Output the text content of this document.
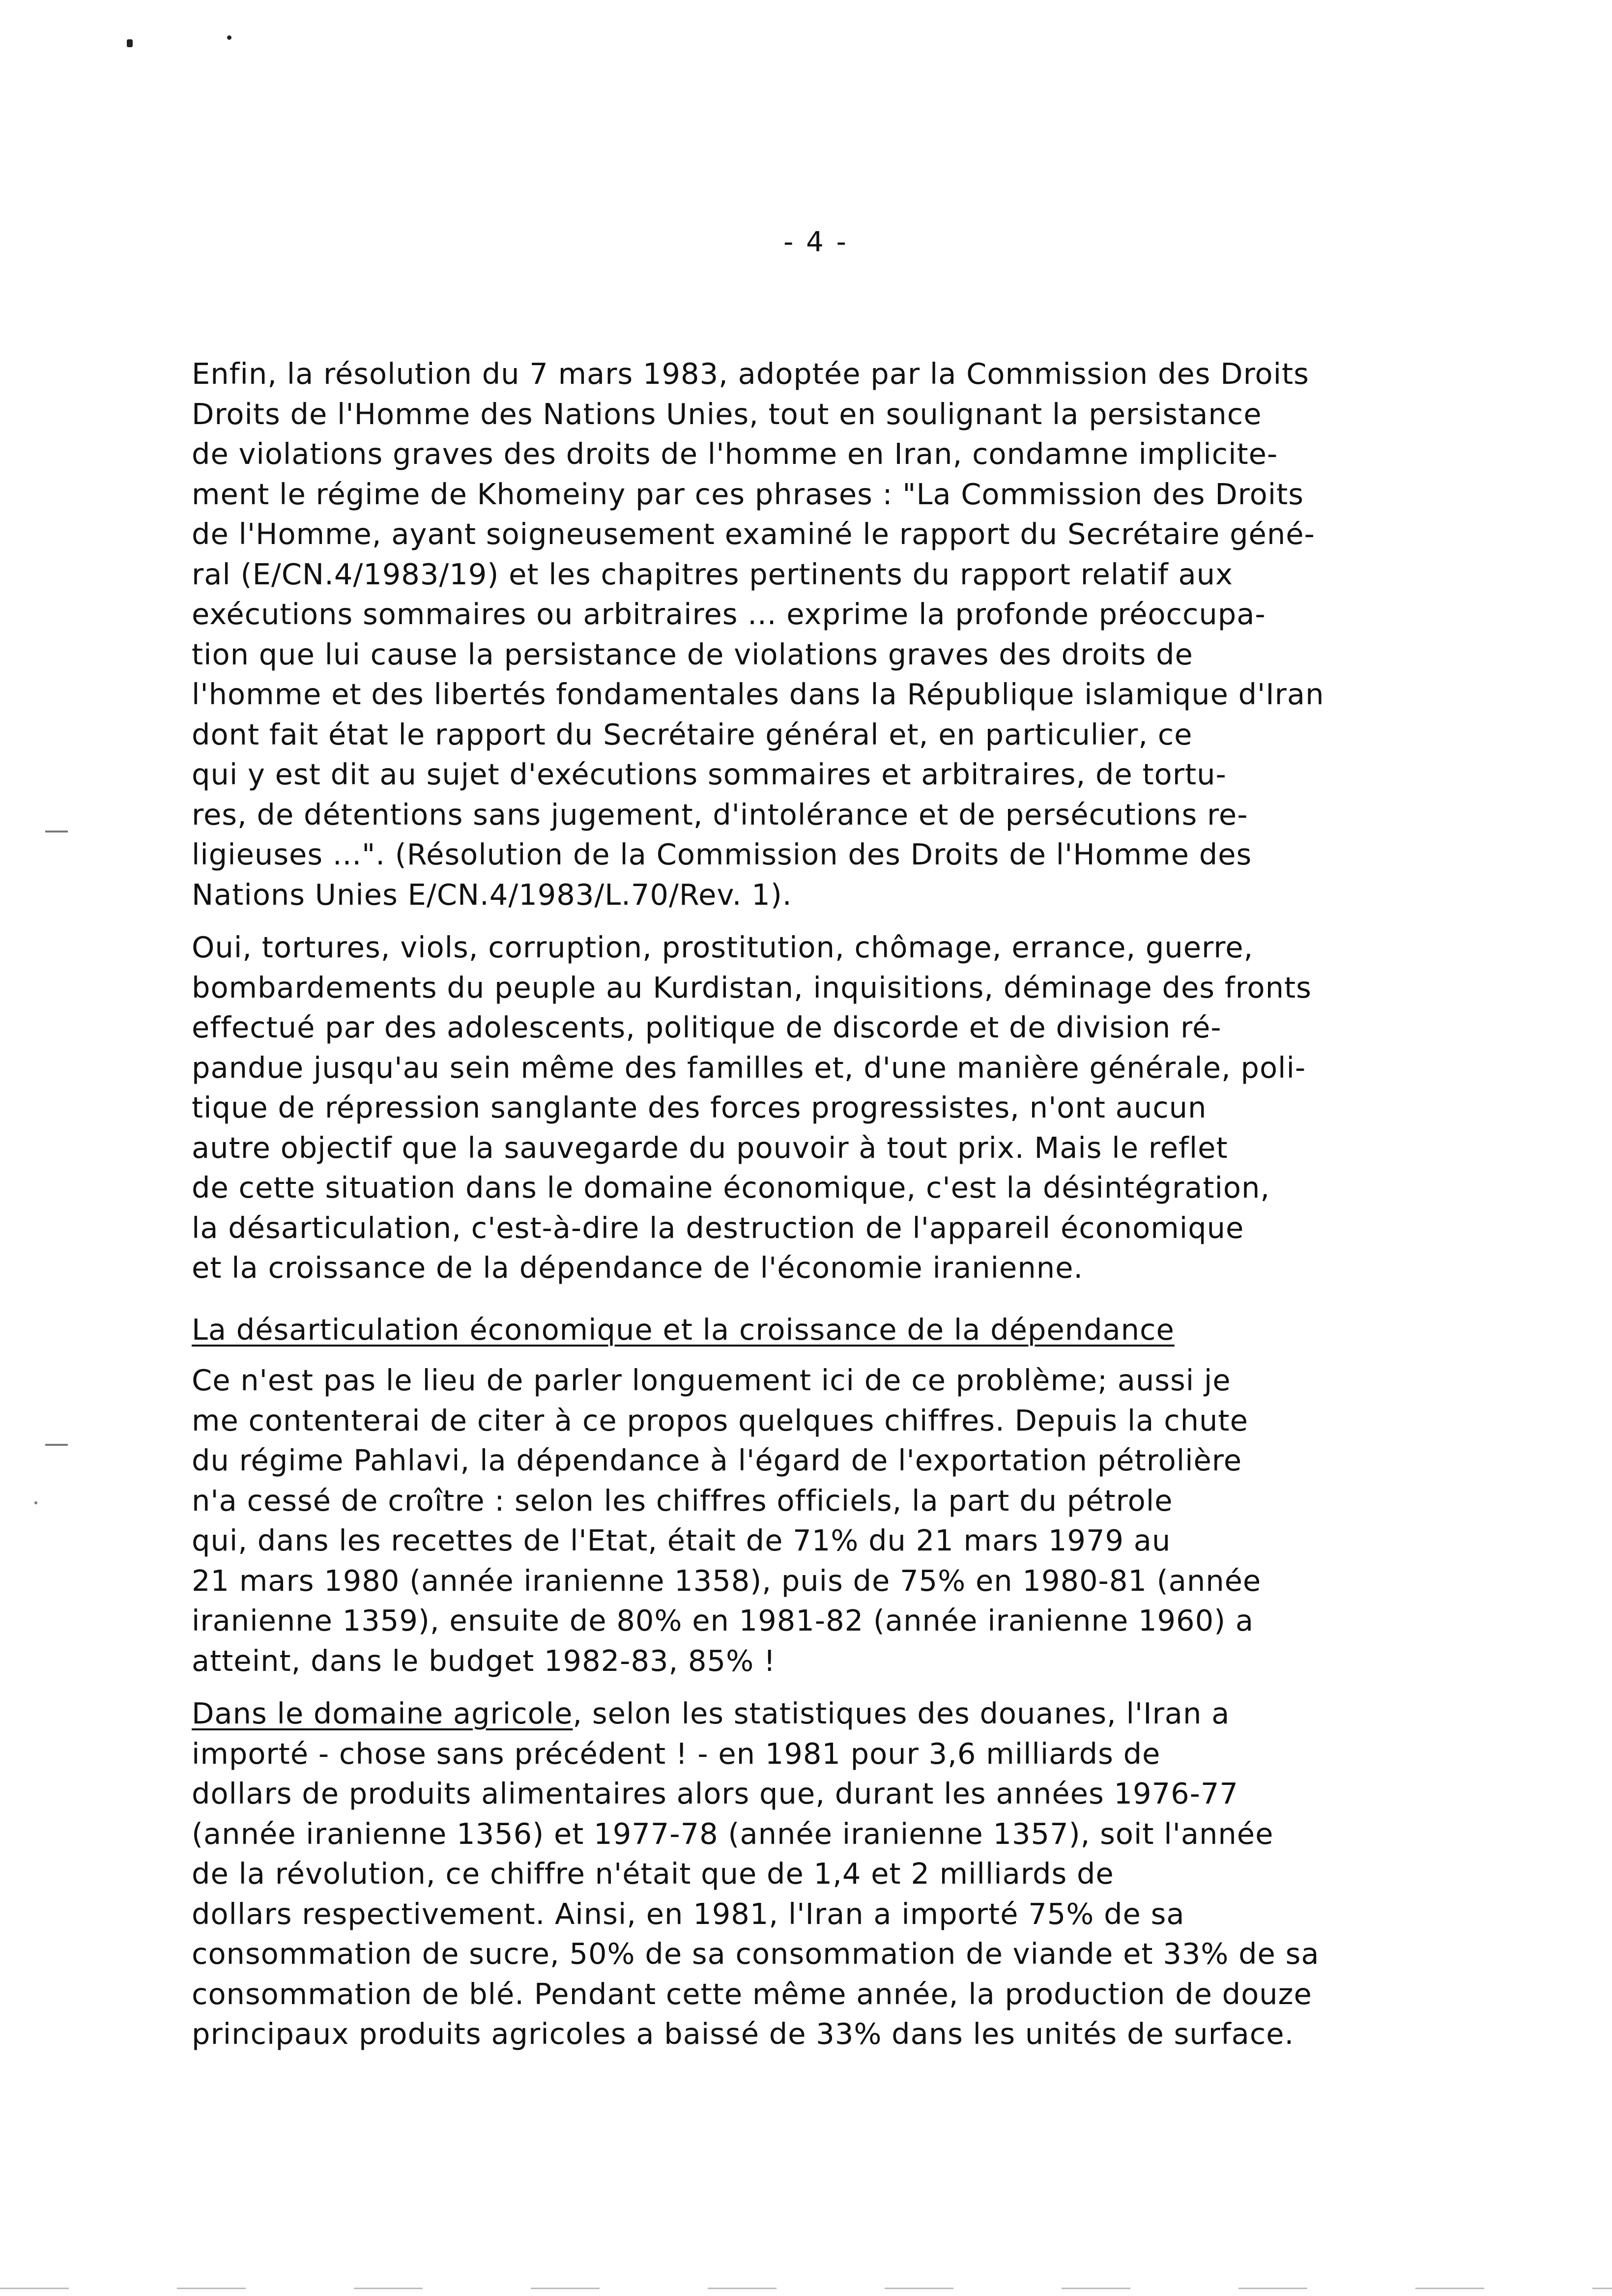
- 4 -

Enfin, la résolution du 7 mars 1983, adoptée par la Commission des Droits
Droits de l'Homme des Nations Unies, tout en soulignant la persistance
de violations graves des droits de l'homme en Iran, condamne implicite-
ment le régime de Khomeiny par ces phrases : "La Commission des Droits
de l'Homme, ayant soigneusement examiné le rapport du Secrétaire géné-
ral (E/CN.4/1983/19) et les chapitres pertinents du rapport relatif aux
exécutions sommaires ou arbitraires ... exprime la profonde préoccupa-
tion que lui cause la persistance de violations graves des droits de
l'homme et des libertés fondamentales dans la République islamique d'Iran
dont fait état le rapport du Secrétaire général et, en particulier, ce
qui y est dit au sujet d'exécutions sommaires et arbitraires, de tortu-
res, de détentions sans jugement, d'intolérance et de persécutions re-
ligieuses ...". (Résolution de la Commission des Droits de l'Homme des
Nations Unies E/CN.4/1983/L.70/Rev. 1).

Oui, tortures, viols, corruption, prostitution, chômage, errance, guerre,
bombardements du peuple au Kurdistan, inquisitions, déminage des fronts
effectué par des adolescents, politique de discorde et de division ré-
pandue jusqu'au sein même des familles et, d'une manière générale, poli-
tique de répression sanglante des forces progressistes, n'ont aucun
autre objectif que la sauvegarde du pouvoir à tout prix. Mais le reflet
de cette situation dans le domaine économique, c'est la désintégration,
la désarticulation, c'est-à-dire la destruction de l'appareil économique
et la croissance de la dépendance de l'économie iranienne.

La désarticulation économique et la croissance de la dépendance

Ce n'est pas le lieu de parler longuement ici de ce problème; aussi je
me contenterai de citer à ce propos quelques chiffres. Depuis la chute
du régime Pahlavi, la dépendance à l'égard de l'exportation pétrolière
n'a cessé de croître : selon les chiffres officiels, la part du pétrole
qui, dans les recettes de l'Etat, était de 71% du 21 mars 1979 au
21 mars 1980 (année iranienne 1358), puis de 75% en 1980-81 (année
iranienne 1359), ensuite de 80% en 1981-82 (année iranienne 1960) a
atteint, dans le budget 1982-83, 85% !

Dans le domaine agricole, selon les statistiques des douanes, l'Iran a
importé - chose sans précédent ! - en 1981 pour 3,6 milliards de
dollars de produits alimentaires alors que, durant les années 1976-77
(année iranienne 1356) et 1977-78 (année iranienne 1357), soit l'année
de la révolution, ce chiffre n'était que de 1,4 et 2 milliards de
dollars respectivement. Ainsi, en 1981, l'Iran a importé 75% de sa
consommation de sucre, 50% de sa consommation de viande et 33% de sa
consommation de blé. Pendant cette même année, la production de douze
principaux produits agricoles a baissé de 33% dans les unités de surface.
